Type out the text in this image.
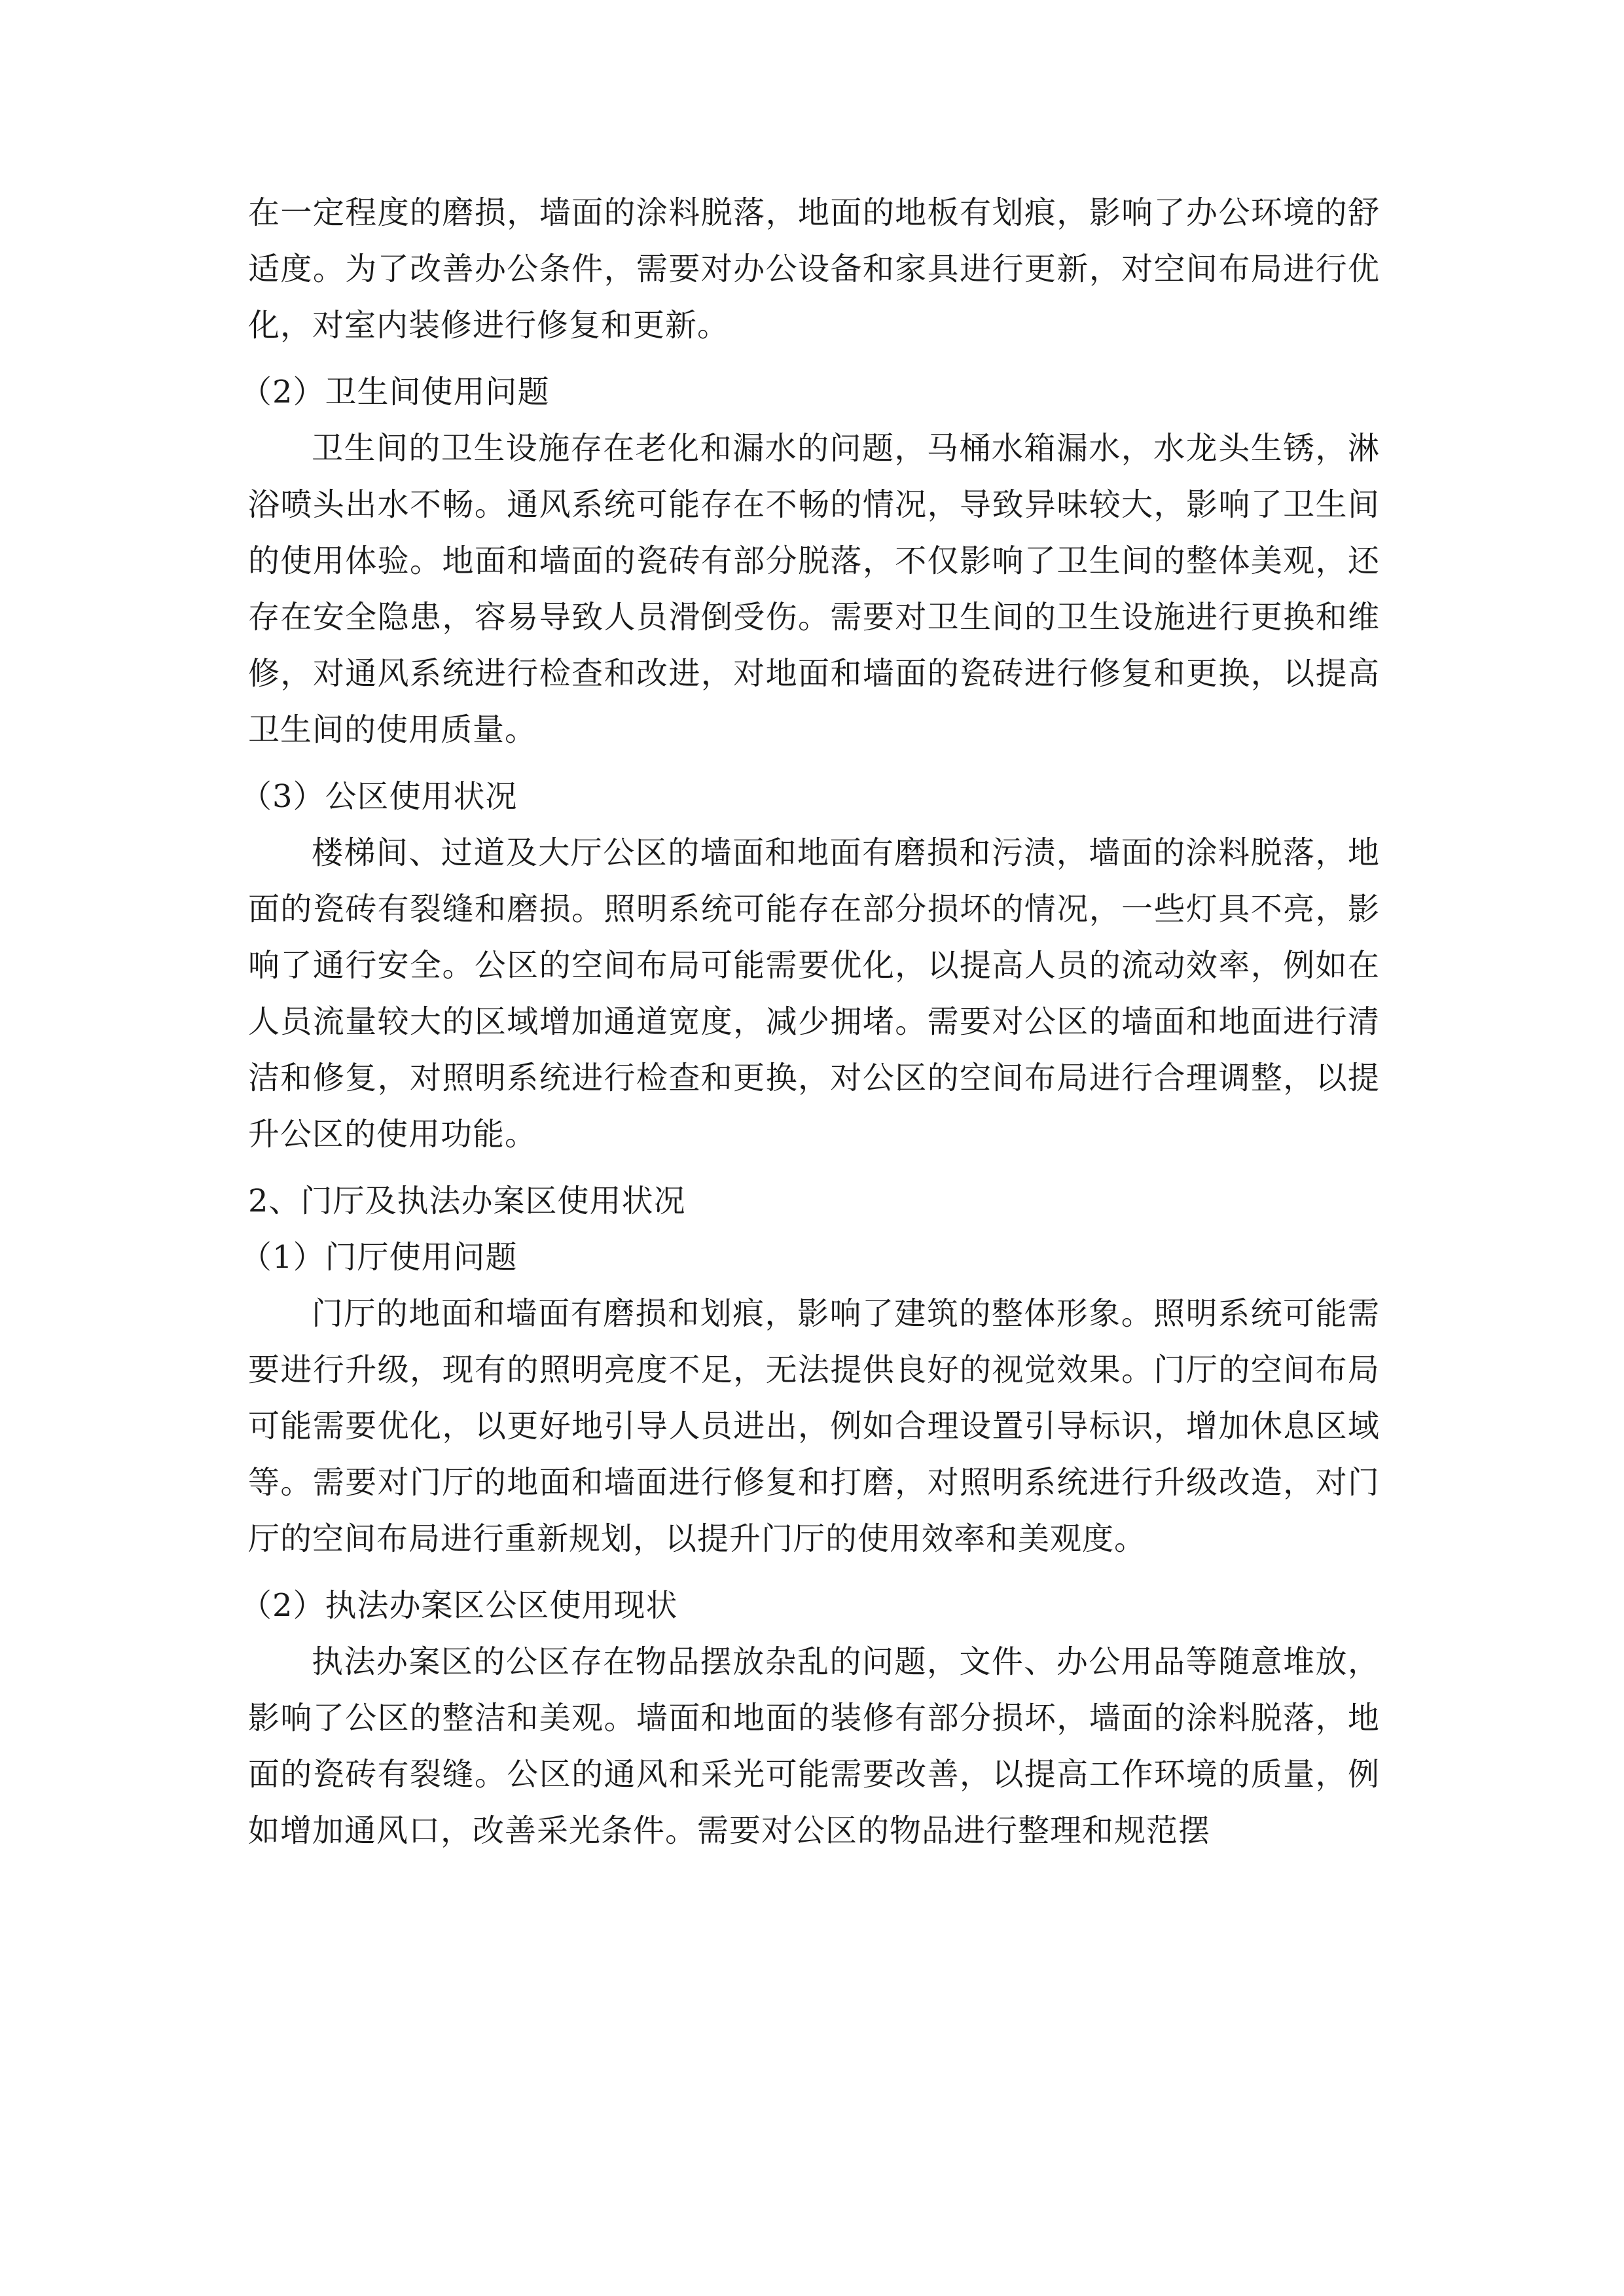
在一定程度的磨损，墙面的涂料脱落，地面的地板有划痕，影响了办公环境的舒适度。为了改善办公条件，需要对办公设备和家具进行更新，对空间布局进行优化，对室内装修进行修复和更新。

（2）卫生间使用问题

卫生间的卫生设施存在老化和漏水的问题，马桶水箱漏水，水龙头生锈，淋浴喷头出水不畅。通风系统可能存在不畅的情况，导致异味较大，影响了卫生间的使用体验。地面和墙面的瓷砖有部分脱落，不仅影响了卫生间的整体美观，还存在安全隐患，容易导致人员滑倒受伤。需要对卫生间的卫生设施进行更换和维修，对通风系统进行检查和改进，对地面和墙面的瓷砖进行修复和更换，以提高卫生间的使用质量。

（3）公区使用状况

楼梯间、过道及大厅公区的墙面和地面有磨损和污渍，墙面的涂料脱落，地面的瓷砖有裂缝和磨损。照明系统可能存在部分损坏的情况，一些灯具不亮，影响了通行安全。公区的空间布局可能需要优化，以提高人员的流动效率，例如在人员流量较大的区域增加通道宽度，减少拥堵。需要对公区的墙面和地面进行清洁和修复，对照明系统进行检查和更换，对公区的空间布局进行合理调整，以提升公区的使用功能。

2、门厅及执法办案区使用状况

（1）门厅使用问题

门厅的地面和墙面有磨损和划痕，影响了建筑的整体形象。照明系统可能需要进行升级，现有的照明亮度不足，无法提供良好的视觉效果。门厅的空间布局可能需要优化，以更好地引导人员进出，例如合理设置引导标识，增加休息区域等。需要对门厅的地面和墙面进行修复和打磨，对照明系统进行升级改造，对门厅的空间布局进行重新规划，以提升门厅的使用效率和美观度。

（2）执法办案区公区使用现状

执法办案区的公区存在物品摆放杂乱的问题，文件、办公用品等随意堆放，影响了公区的整洁和美观。墙面和地面的装修有部分损坏，墙面的涂料脱落，地面的瓷砖有裂缝。公区的通风和采光可能需要改善，以提高工作环境的质量，例如增加通风口，改善采光条件。需要对公区的物品进行整理和规范摆
